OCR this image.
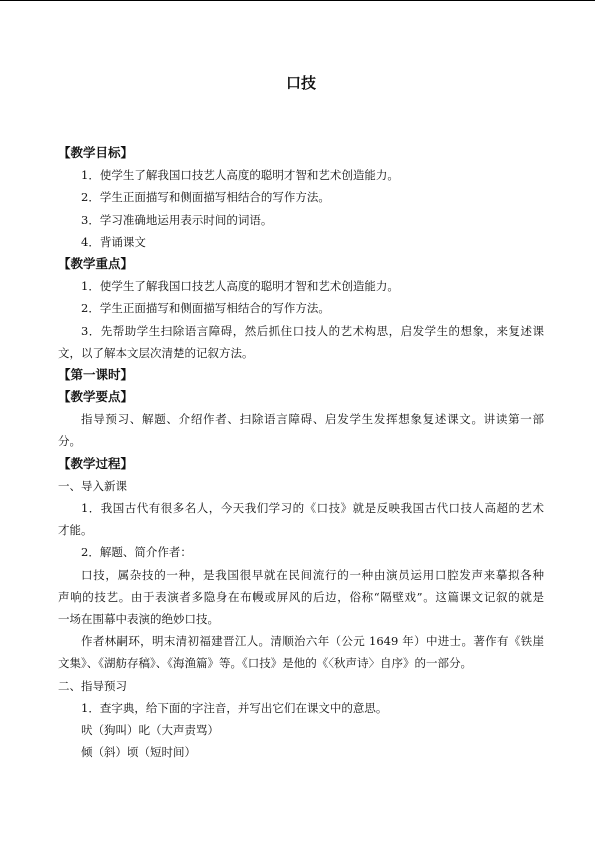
口技
【教学目标】
1．使学生了解我国口技艺人高度的聪明才智和艺术创造能力。
2．学生正面描写和侧面描写相结合的写作方法。
3．学习准确地运用表示时间的词语。
4．背诵课文
【教学重点】
1．使学生了解我国口技艺人高度的聪明才智和艺术创造能力。
2．学生正面描写和侧面描写相结合的写作方法。
3．先帮助学生扫除语言障碍，然后抓住口技人的艺术构思，启发学生的想象，来复述课
文，以了解本文层次清楚的记叙方法。
【第一课时】
【教学要点】
指导预习、解题、介绍作者、扫除语言障碍、启发学生发挥想象复述课文。讲读第一部
分。
【教学过程】
一、导入新课
1．我国古代有很多名人，今天我们学习的《口技》就是反映我国古代口技人高超的艺术
才能。
2．解题、简介作者：
口技，属杂技的一种，是我国很早就在民间流行的一种由演员运用口腔发声来摹拟各种
声响的技艺。由于表演者多隐身在布幔或屏风的后边，俗称“隔壁戏”。这篇课文记叙的就是
一场在围幕中表演的绝妙口技。
作者林嗣环，明末清初福建晋江人。清顺治六年（公元 1649 年）中进士。著作有《铁崖
文集》、《湖舫存稿》、《海渔篇》等。《口技》是他的《〈秋声诗〉自序》的一部分。
二、指导预习
1．查字典，给下面的字注音，并写出它们在课文中的意思。
吠（狗叫）叱（大声责骂）
倾（斜）顷（短时间）
